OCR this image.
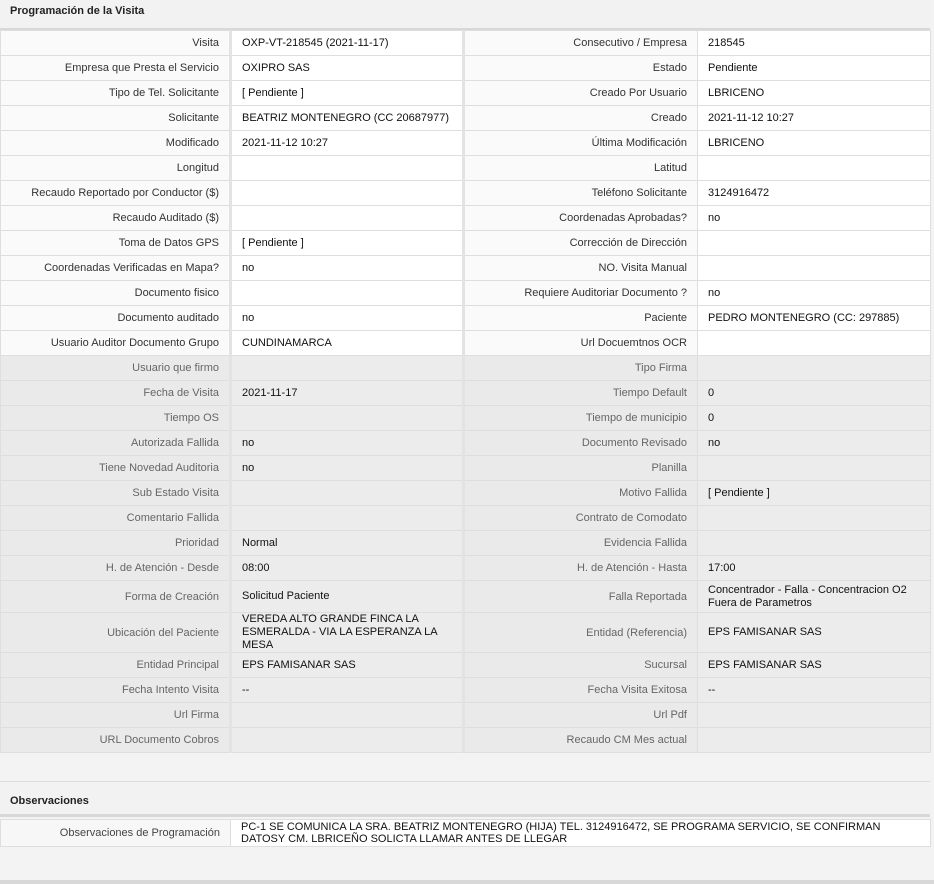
Programación de la Visita
Visita	OXP-VT-218545 (2021-11-17)	Consecutivo / Empresa	218545
Empresa que Presta el Servicio	OXIPRO SAS	Estado	Pendiente
Tipo de Tel. Solicitante	[ Pendiente ]	Creado Por Usuario	LBRICENO
Solicitante	BEATRIZ MONTENEGRO (CC 20687977)	Creado	2021-11-12 10:27
Modificado	2021-11-12 10:27	Última Modificación	LBRICENO
Longitud		Latitud	
Recaudo Reportado por Conductor ($)		Teléfono Solicitante	3124916472
Recaudo Auditado ($)		Coordenadas Aprobadas?	no
Toma de Datos GPS	[ Pendiente ]	Corrección de Dirección	
Coordenadas Verificadas en Mapa?	no	NO. Visita Manual	
Documento fisico		Requiere Auditoriar Documento ?	no
Documento auditado	no	Paciente	PEDRO MONTENEGRO (CC: 297885)
Usuario Auditor Documento Grupo	CUNDINAMARCA	Url Docuemtnos OCR	
Usuario que firmo		Tipo Firma	
Fecha de Visita	2021-11-17	Tiempo Default	0
Tiempo OS		Tiempo de municipio	0
Autorizada Fallida	no	Documento Revisado	no
Tiene Novedad Auditoria	no	Planilla	
Sub Estado Visita		Motivo Fallida	[ Pendiente ]
Comentario Fallida		Contrato de Comodato	
Prioridad	Normal	Evidencia Fallida	
H. de Atención - Desde	08:00	H. de Atención - Hasta	17:00
Forma de Creación	Solicitud Paciente	Falla Reportada	Concentrador - Falla - Concentracion O2 Fuera de Parametros
Ubicación del Paciente	VEREDA ALTO GRANDE FINCA LA ESMERALDA - VIA LA ESPERANZA LA MESA	Entidad (Referencia)	EPS FAMISANAR SAS
Entidad Principal	EPS FAMISANAR SAS	Sucursal	EPS FAMISANAR SAS
Fecha Intento Visita	--	Fecha Visita Exitosa	--
Url Firma		Url Pdf	
URL Documento Cobros		Recaudo CM Mes actual	
Observaciones
Observaciones de Programación	PC-1 SE COMUNICA LA SRA. BEATRIZ MONTENEGRO (HIJA) TEL. 3124916472, SE PROGRAMA SERVICIO, SE CONFIRMAN DATOSY CM. LBRICEÑO SOLICTA LLAMAR ANTES DE LLEGAR
